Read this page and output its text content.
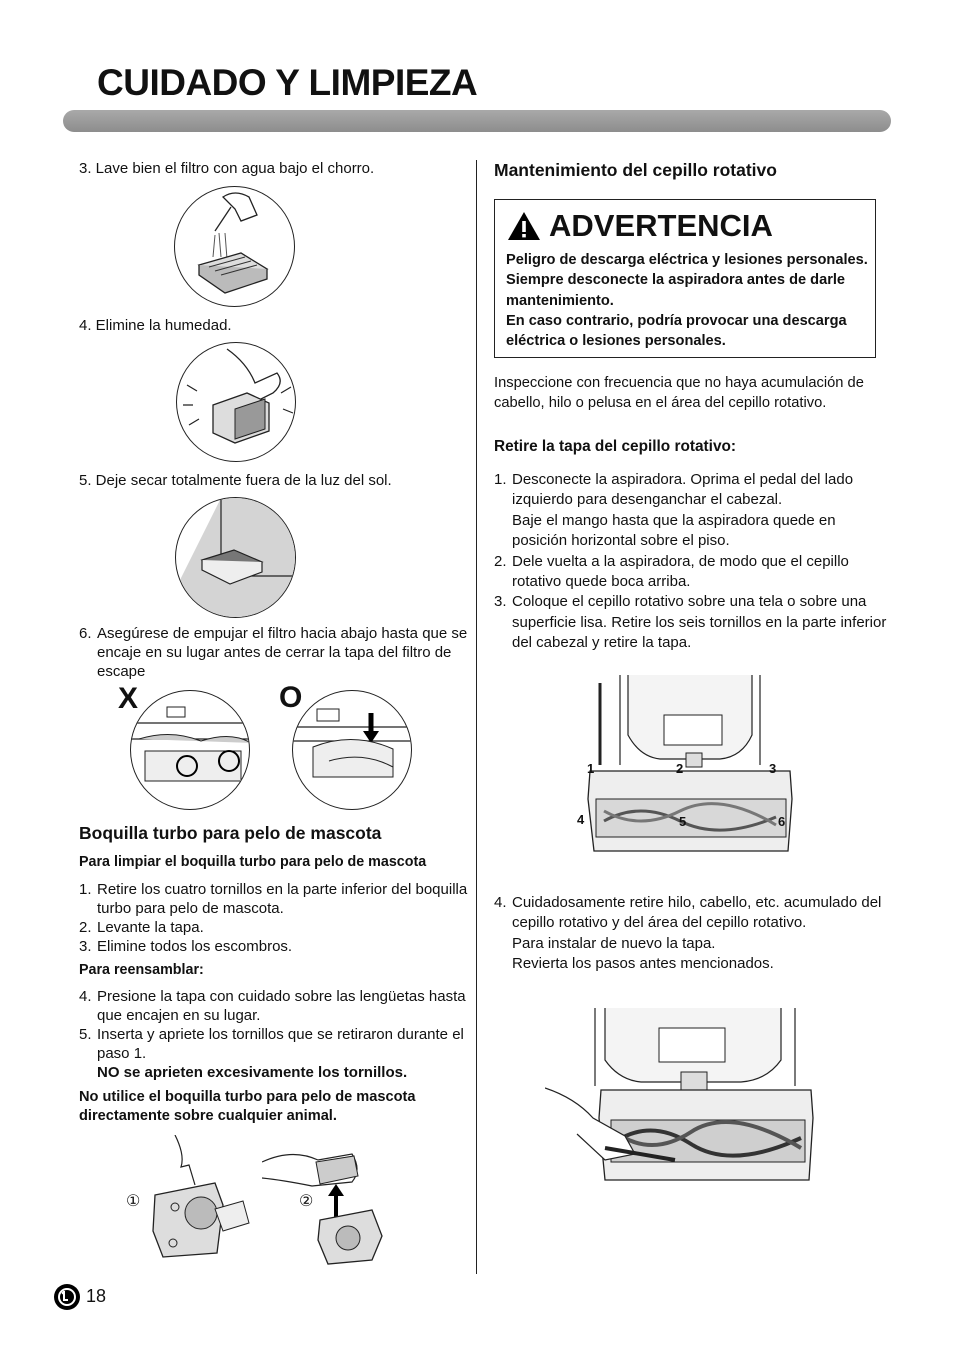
CUIDADO Y LIMPIEZA
3. Lave bien el filtro con agua bajo el chorro.
4. Elimine la humedad.
5. Deje secar totalmente fuera de la luz del sol.
6. Asegúrese de empujar el filtro hacia abajo hasta que se encaje en su lugar antes de cerrar la tapa del filtro de escape
X	O
Boquilla turbo para pelo de mascota
Para limpiar el boquilla turbo para pelo de mascota
1. Retire los cuatro tornillos en la parte inferior del boquilla turbo para pelo de mascota.
2. Levante la tapa.
3. Elimine todos los escombros.
Para reensamblar:
4. Presione la tapa con cuidado sobre las lengüetas hasta que encajen en su lugar.
5. Inserta y apriete los tornillos que se retiraron durante el paso 1.
NO se aprieten excesivamente los tornillos.
No utilice el boquilla turbo para pelo de mascota directamente sobre cualquier animal.
①	②
Mantenimiento del cepillo rotativo
ADVERTENCIA
Peligro de descarga eléctrica y lesiones personales. Siempre desconecte la aspiradora antes de darle mantenimiento.
En caso contrario, podría provocar una descarga eléctrica o lesiones personales.
Inspeccione con frecuencia que no haya acumulación de cabello, hilo o pelusa en el área del cepillo rotativo.
Retire la tapa del cepillo rotativo:
1. Desconecte la aspiradora. Oprima el pedal del lado izquierdo para desenganchar el cabezal.
Baje el mango hasta que la aspiradora quede en posición horizontal sobre el piso.
2. Dele vuelta a la aspiradora, de modo que el cepillo rotativo quede boca arriba.
3. Coloque el cepillo rotativo sobre una tela o sobre una superficie lisa. Retire los seis tornillos en la parte inferior del cabezal y retire la tapa.
1	2	3
4	5	6
4. Cuidadosamente retire hilo, cabello, etc. acumulado del cepillo rotativo y del área del cepillo rotativo.
Para instalar de nuevo la tapa.
Revierta los pasos antes mencionados.
18
